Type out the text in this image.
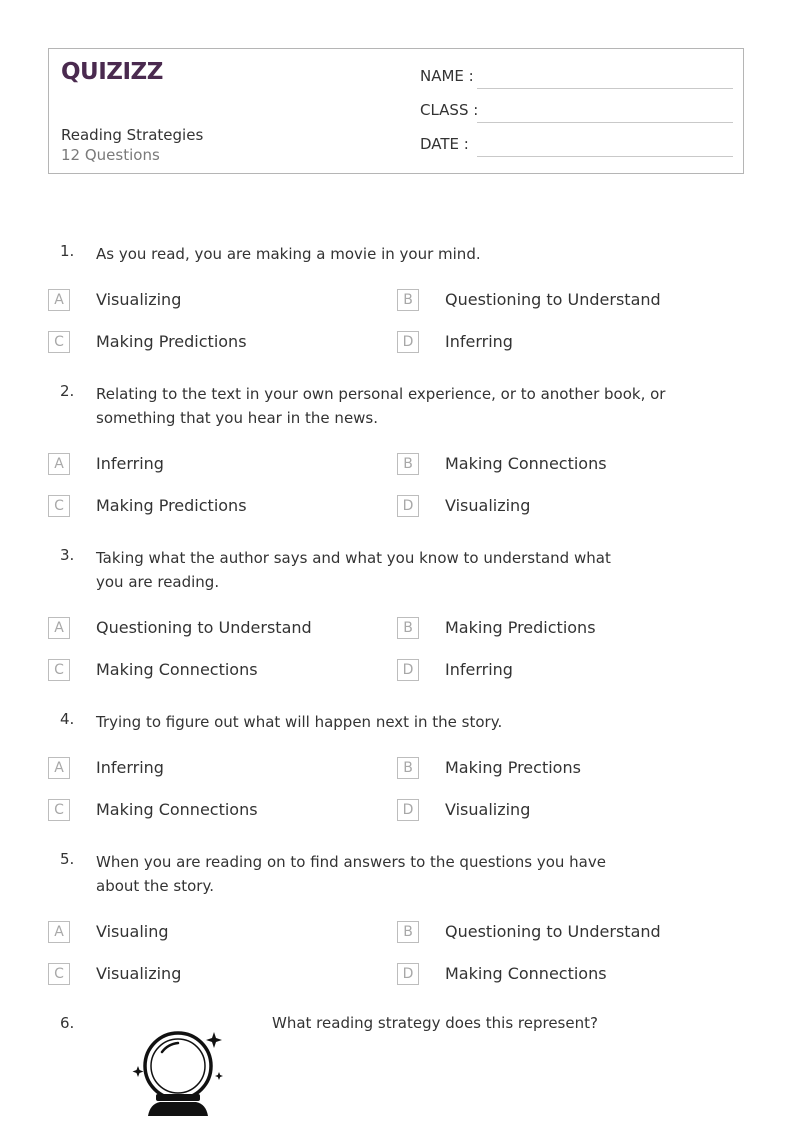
QUIZIZZ
Reading Strategies
12 Questions
NAME :
CLASS :
DATE :
1. As you read, you are making a movie in your mind.
A	Visualizing	B	Questioning to Understand
C	Making Predictions	D	Inferring
2. Relating to the text in your own personal experience, or to another book, or something that you hear in the news.
A	Inferring	B	Making Connections
C	Making Predictions	D	Visualizing
3. Taking what the author says and what you know to understand what you are reading.
A	Questioning to Understand	B	Making Predictions
C	Making Connections	D	Inferring
4. Trying to figure out what will happen next in the story.
A	Inferring	B	Making Prections
C	Making Connections	D	Visualizing
5. When you are reading on to find answers to the questions you have about the story.
A	Visualing	B	Questioning to Understand
C	Visualizing	D	Making Connections
6.	What reading strategy does this represent?
